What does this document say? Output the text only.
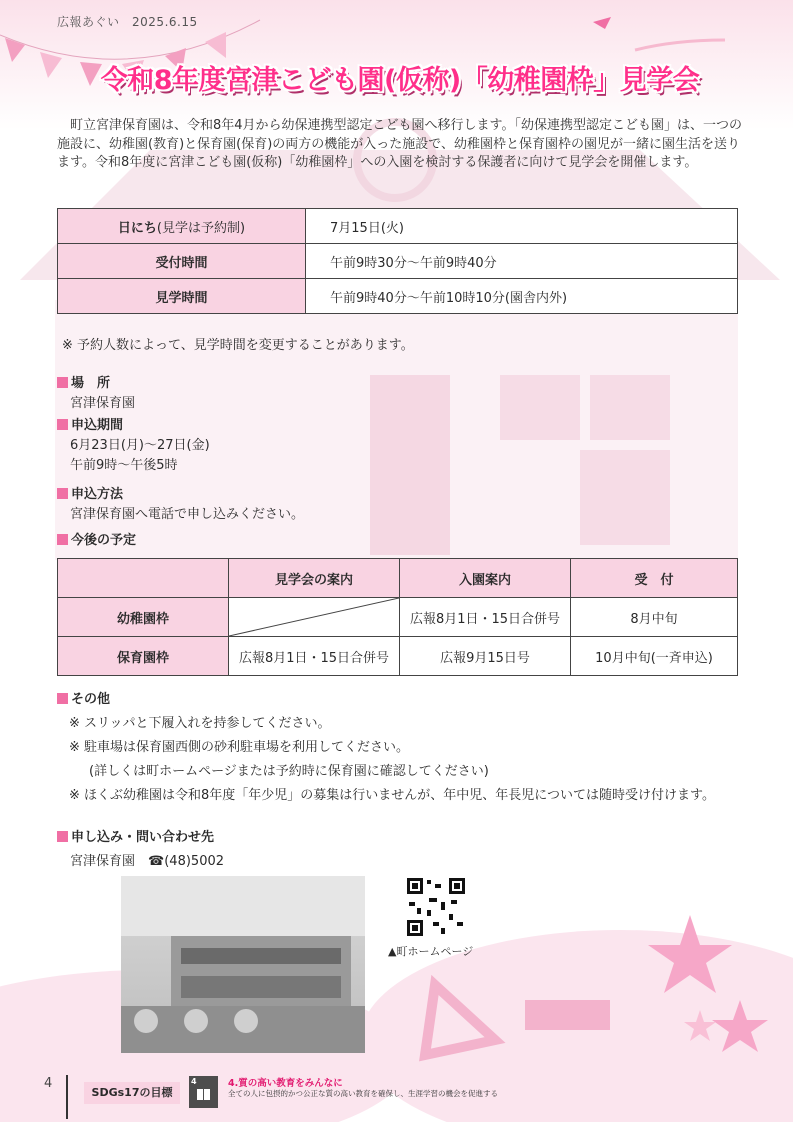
広報あぐい　 2025.6.15
令和8年度宮津こども園(仮称)「幼稚園枠」見学会
町立宮津保育園は、令和8年4月から幼保連携型認定こども園へ移行します。「幼保連携型認定こども園」は、一つの施設に、幼稚園(教育)と保育園(保育)の両方の機能が入った施設で、幼稚園枠と保育園枠の園児が一緒に園生活を送ります。令和8年度に宮津こども園(仮称)「幼稚園枠」への入園を検討する保護者に向けて見学会を開催します。
日にち(見学は予約制)	7月15日(火)
受付時間	午前9時30分～午前9時40分
見学時間	午前9時40分～午前10時10分(園舎内外)
※ 予約人数によって、見学時間を変更することがあります。
場　所
宮津保育園
申込期間
6月23日(月)～27日(金)
午前9時～午後5時
申込方法
宮津保育園へ電話で申し込みください。
今後の予定
	見学会の案内	入園案内	受　付
幼稚園枠		広報8月1日・15日合併号	8月中旬
保育園枠	広報8月1日・15日合併号	広報9月15日号	10月中旬(一斉申込)
その他
※ スリッパと下履入れを持参してください。
※ 駐車場は保育園西側の砂利駐車場を利用してください。
(詳しくは町ホームページまたは予約時に保育園に確認してください)
※ ほくぶ幼稚園は令和8年度「年少児」の募集は行いませんが、年中児、年長児については随時受け付けます。
申し込み・問い合わせ先
宮津保育園　 ☎(48)5002
▲町ホームページ
4
SDGs17の目標
4	4.質の高い教育をみんなに
全ての人に包摂的かつ公正な質の高い教育を確保し、生涯学習の機会を促進する
